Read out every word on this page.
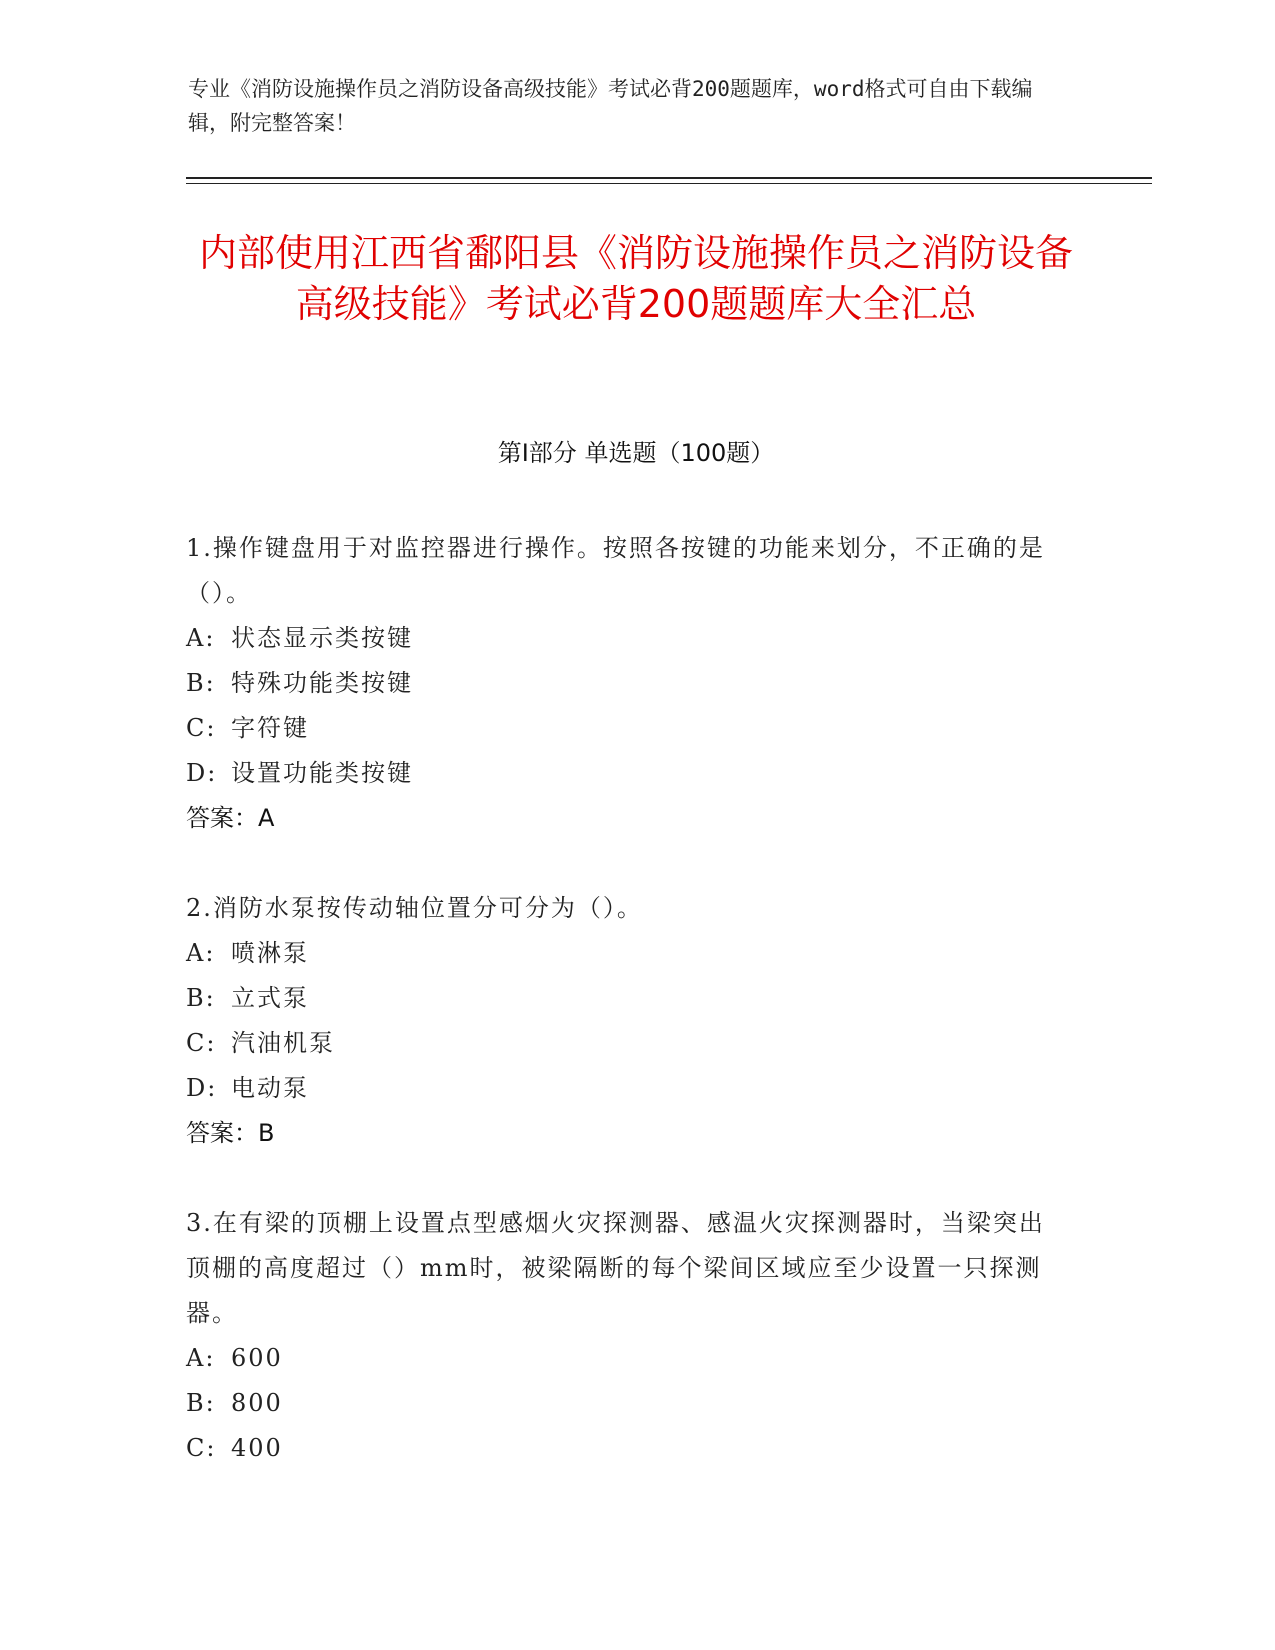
专业《消防设施操作员之消防设备高级技能》考试必背200题题库，word格式可自由下载编辑，附完整答案！
内部使用江西省鄱阳县《消防设施操作员之消防设备高级技能》考试必背200题题库大全汇总
第I部分 单选题（100题）
1.操作键盘用于对监控器进行操作。按照各按键的功能来划分，不正确的是（）。
A: 状态显示类按键
B: 特殊功能类按键
C: 字符键
D: 设置功能类按键
答案：A
2.消防水泵按传动轴位置分可分为（）。
A: 喷淋泵
B: 立式泵
C: 汽油机泵
D: 电动泵
答案：B
3.在有梁的顶棚上设置点型感烟火灾探测器、感温火灾探测器时，当梁突出顶棚的高度超过（）mm时，被梁隔断的每个梁间区域应至少设置一只探测器。
A: 600
B: 800
C: 400
